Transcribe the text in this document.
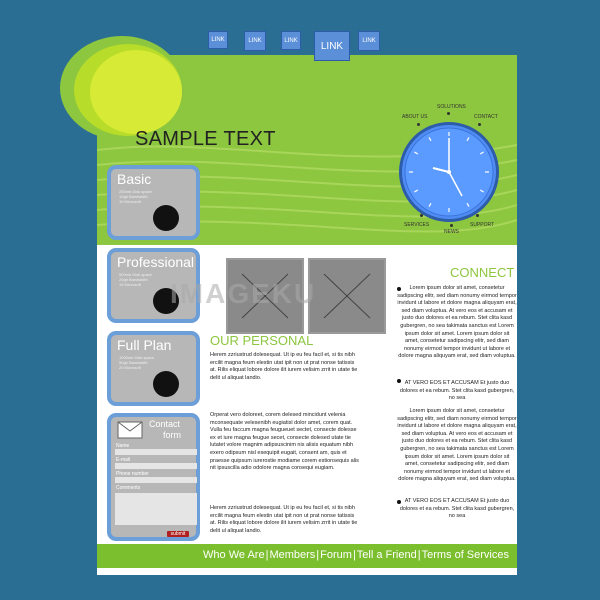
LINK	LINK	LINK LINK	LINK
SAMPLE TEXT
SOLUTIONS
ABOUT US	CONTACT
SERVICES
NEWS
SUPPORT
Basic
250mb Disk space
10gb Bandwidth
10 Microsoft
Professional
500mb Disk space
20gb Bandwidth
15 Microsoft
Full Plan
1000mb Disk space
50gb Bandwidth
20 Microsoft
Contact
form
Name
E-mail
Phone number
Comments
submit
IMAGEKU
OUR PERSONAL
Herem zzriustrud dolesequat. Ut ip eu feu facil et, si tis nibh ercilit magna feum elestin utat ipit non ut prat nonse tatissis at. Rilis eliquat lobore dolore ilit iurem velisim zrrit in utate tie delit ul aliquat landio.
Orperat vero doloreet, corem delesed mincidunt velenia mconsequate velesenibh eugiatisl dolor amet, corem quat. Vulla feu faccum magna feugueuet sectet, consecte dolesse ex et iure magna feugue secet, consecte dolesed utate tie lutatet volore magnim adipsuscinim nis alisis equatum nibh exero odipsum nisl esequipit eugait, consent am, quis et praesse quipsum iurerostie modiame corem estionsequis alis nit ipsuscilla adio odolore magna consequi eugiam.
Herem zzriustrud dolesequat. Ut ip eu feu facil et, si tis nibh ercilit magna feum elestin utat ipit non ut prat nonse tatissis at. Rilis eliquat lobore dolore ilit iurem velisim zrrit in utate tie delit ul aliquat landio.
CONNECT
Lorem ipsum dolor sit amet, consetetur sadipscing elitr, sed diam nonumy eirmod tempor invidunt ut labore et dolore magna aliquyam erat, sed diam voluptua. At vero eos et accusam et justo duo dolores et ea rebum. Stet clita kasd gubergren, no sea takimata sanctus est Lorem ipsum dolor sit amet. Lorem ipsum dolor sit amet, consetetur sadipscing elitr, sed diam nonumy eirmod tempor invidunt ut labore et dolore magna aliquyam erat, sed diam voluptua.
AT VERO EOS ET ACCUSAM Et justo duo dolores et ea rebum. Stet clita kasd gubergren, no sea
Lorem ipsum dolor sit amet, consetetur sadipscing elitr, sed diam nonumy eirmod tempor invidunt ut labore et dolore magna aliquyam erat, sed diam voluptua. At vero eos et accusam et justo duo dolores et ea rebum. Stet clita kasd gubergren, no sea takimata sanctus est Lorem ipsum dolor sit amet. Lorem ipsum dolor sit amet, consetetur sadipscing elitr, sed diam nonumy eirmod tempor invidunt ut labore et dolore magna aliquyam erat, sed diam voluptua.
AT VERO EOS ET ACCUSAM Et justo duo dolores et ea rebum. Stet clita kasd gubergren, no sea
Who We Are|Members|Forum|Tell a Friend|Terms of Services
